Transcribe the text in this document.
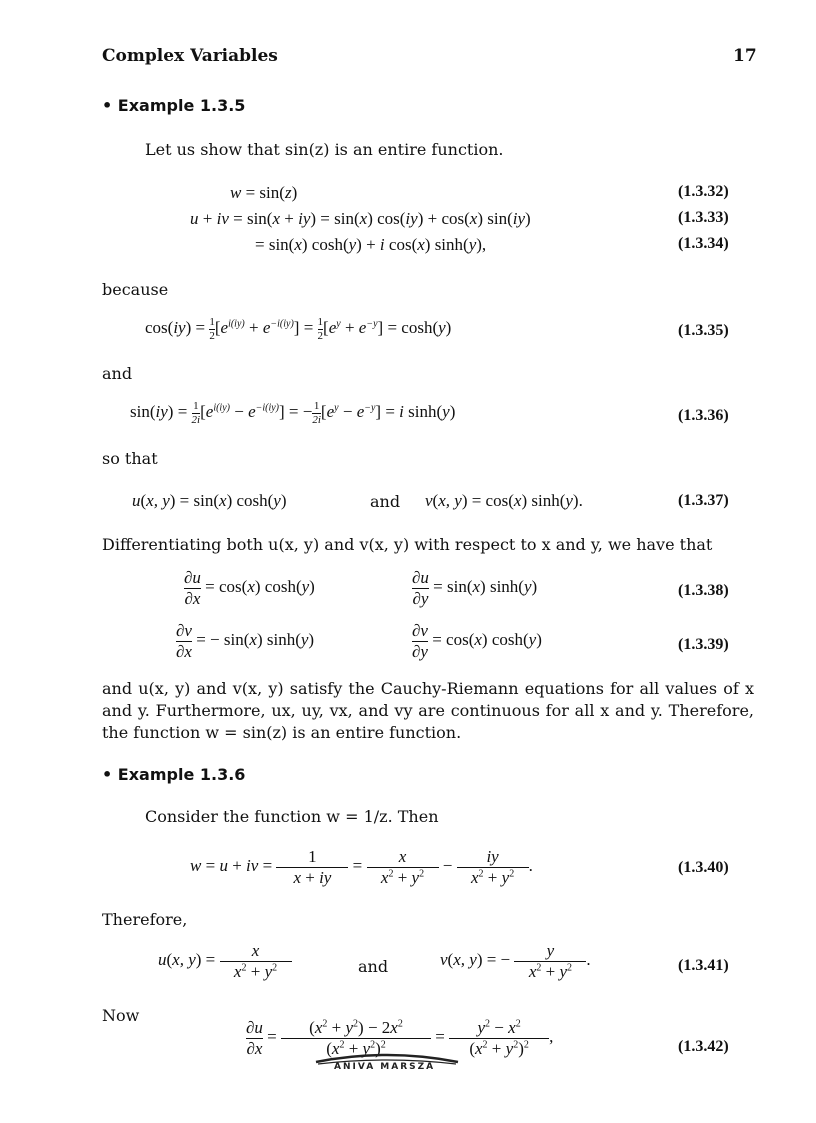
Complex Variables	17
• Example 1.3.5
Let us show that sin(z) is an entire function.
w = sin(z)	(1.3.32)
u + iv = sin(x + iy) = sin(x) cos(iy) + cos(x) sin(iy)	(1.3.33)
= sin(x) cosh(y) + i cos(x) sinh(y),	(1.3.34)
because
$\cos(iy) = \frac{1}{2} [e^{i(iy)} + e^{-i(iy)}] = \frac{1}{2} [e^y + e^{-y}] = \cosh(y)$	(1.3.35)
and
$\sin(iy) = \frac{1}{2i} [e^{i(iy)} - e^{-i(iy)}]$ = − $\frac{1}{2i} [e^y - e^{-y}] = i$ sinh(y)	(1.3.36)
so that
u(x, y) = sin(x) cosh(y)	and v(x, y) = cos(x) sinh(y).	(1.3.37)
Differentiating both u(x, y) and v(x, y) with respect to x and y, we have that
$\frac{\partial u}{\partial x} = \cos(x)$ cosh(y)	$\frac{\partial u}{\partial y} = \sin(x)$ sinh(y)	(1.3.38)
$\frac{\partial v}{\partial x}$ = − sin(x) sinh(y)	$\frac{\partial v}{\partial y} = \cos(x)$ cosh(y)	(1.3.39)
and u(x, y) and v(x, y) satisfy the Cauchy-Riemann equations for all values of x and y. Furthermore, ux, uy, vx, and vy are continuous for all x and y. Therefore, the function w = sin(z) is an entire function.
• Example 1.3.6
Consider the function w = 1/z. Then
w = u + iv = $\frac{1}{x + iy} = \frac{x}{x^2 + y^2} - \frac{iy}{x^2 + y^2}$ .	(1.3.40)
Therefore,
u(x, $y) = \frac{x}{x^2 + y^2}$	and	v(x, y) = − $\frac{y}{x^2 + y^2}$ .	(1.3.41)
Now
$\frac{\partial u}{\partial x} = \frac{(x^2 + y^2) - 2x^2}{(x^2 + y^2)^2} = \frac{y^2 - x^2}{(x^2 + y^2)^2}$ ,
(1.3.42)
ANIVA MARSZA
